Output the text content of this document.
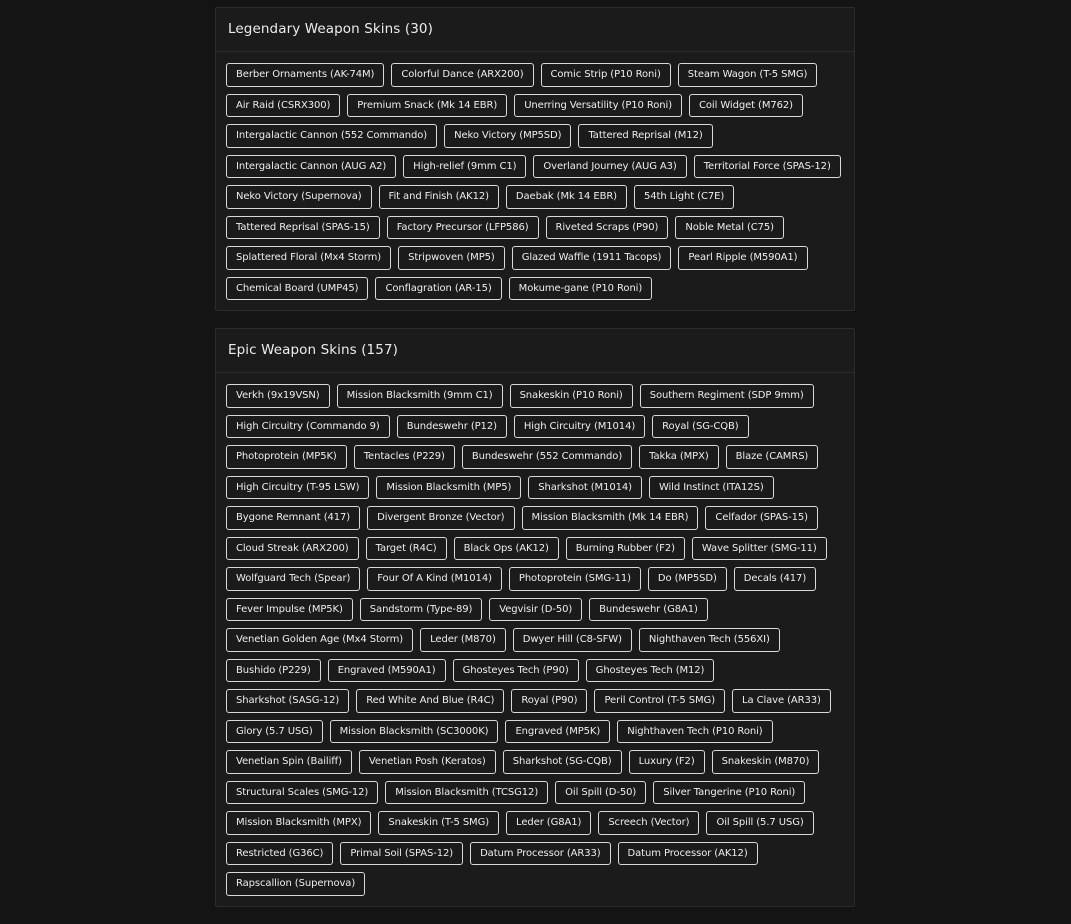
Legendary Weapon Skins (30)
Berber Ornaments (AK-74M)	Colorful Dance (ARX200)	Comic Strip (P10 Roni)	Steam Wagon (T-5 SMG)
Air Raid (CSRX300)	Premium Snack (Mk 14 EBR)	Unerring Versatility (P10 Roni)	Coil Widget (M762)
Intergalactic Cannon (552 Commando)	Neko Victory (MP5SD)	Tattered Reprisal (M12)
Intergalactic Cannon (AUG A2)	High-relief (9mm C1)	Overland Journey (AUG A3)	Territorial Force (SPAS-12)
Neko Victory (Supernova)	Fit and Finish (AK12)	Daebak (Mk 14 EBR)	54th Light (C7E)
Tattered Reprisal (SPAS-15)	Factory Precursor (LFP586)	Riveted Scraps (P90)	Noble Metal (C75)
Splattered Floral (Mx4 Storm)	Stripwoven (MP5)	Glazed Waffle (1911 Tacops)	Pearl Ripple (M590A1)
Chemical Board (UMP45)	Conflagration (AR-15)	Mokume-gane (P10 Roni)
Epic Weapon Skins (157)
Verkh (9x19VSN)	Mission Blacksmith (9mm C1)	Snakeskin (P10 Roni)	Southern Regiment (SDP 9mm)
High Circuitry (Commando 9)	Bundeswehr (P12)	High Circuitry (M1014)	Royal (SG-CQB)
Photoprotein (MP5K)	Tentacles (P229)	Bundeswehr (552 Commando)	Takka (MPX)	Blaze (CAMRS)
High Circuitry (T-95 LSW)	Mission Blacksmith (MP5)	Sharkshot (M1014)	Wild Instinct (ITA12S)
Bygone Remnant (417)	Divergent Bronze (Vector)	Mission Blacksmith (Mk 14 EBR)	Celfador (SPAS-15)
Cloud Streak (ARX200)	Target (R4C)	Black Ops (AK12)	Burning Rubber (F2)	Wave Splitter (SMG-11)
Wolfguard Tech (Spear)	Four Of A Kind (M1014)	Photoprotein (SMG-11)	Do (MP5SD)	Decals (417)
Fever Impulse (MP5K)	Sandstorm (Type-89)	Vegvisir (D-50)	Bundeswehr (G8A1)
Venetian Golden Age (Mx4 Storm)	Leder (M870)	Dwyer Hill (C8-SFW)	Nighthaven Tech (556XI)
Bushido (P229)	Engraved (M590A1)	Ghosteyes Tech (P90)	Ghosteyes Tech (M12)
Sharkshot (SASG-12)	Red White And Blue (R4C)	Royal (P90)	Peril Control (T-5 SMG)	La Clave (AR33)
Glory (5.7 USG)	Mission Blacksmith (SC3000K)	Engraved (MP5K)	Nighthaven Tech (P10 Roni)
Venetian Spin (Bailiff)	Venetian Posh (Keratos)	Sharkshot (SG-CQB)	Luxury (F2)	Snakeskin (M870)
Structural Scales (SMG-12)	Mission Blacksmith (TCSG12)	Oil Spill (D-50)	Silver Tangerine (P10 Roni)
Mission Blacksmith (MPX)	Snakeskin (T-5 SMG)	Leder (G8A1)	Screech (Vector)	Oil Spill (5.7 USG)
Restricted (G36C)	Primal Soil (SPAS-12)	Datum Processor (AR33)	Datum Processor (AK12)
Rapscallion (Supernova)
